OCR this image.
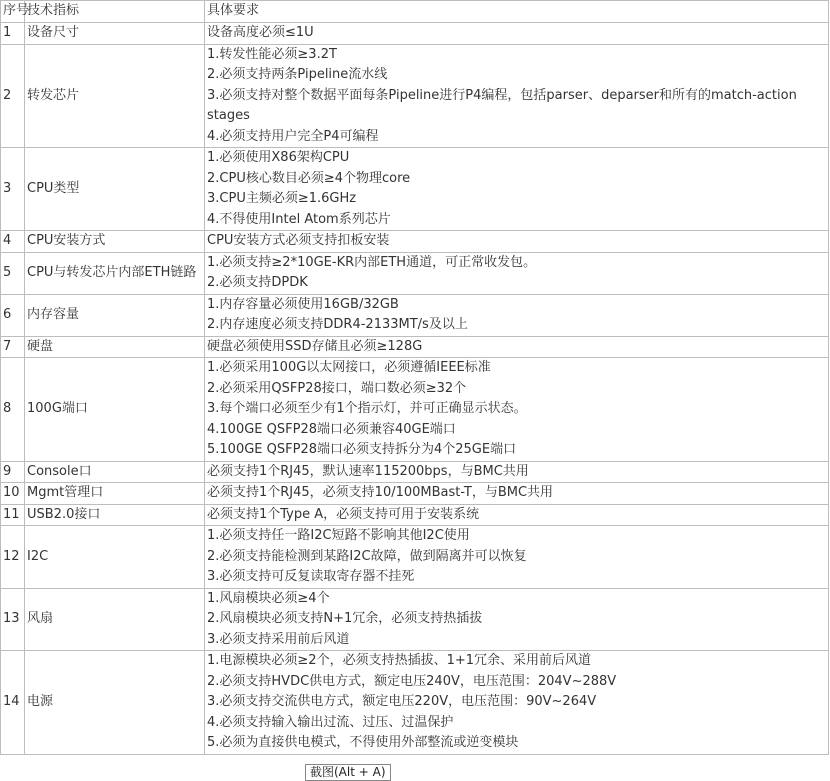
序号	技术指标	具体要求
1	设备尺寸	设备高度必须≤1U

2	转发芯片	1.转发性能必须≥3.2T
2.必须支持两条Pipeline流水线
3.必须支持对整个数据平面每条Pipeline进行P4编程，包括parser、deparser和所有的match-action stages
4.必须支持用户完全P4可编程

3	CPU类型	1.必须使用X86架构CPU
2.CPU核心数目必须≥4个物理core
3.CPU主频必须≥1.6GHz
4.不得使用Intel Atom系列芯片

4	CPU安装方式	CPU安装方式必须支持扣板安装

5	CPU与转发芯片内部ETH链路	1.必须支持≥2*10GE-KR内部ETH通道，可正常收发包。
2.必须支持DPDK

6	内存容量	1.内存容量必须使用16GB/32GB
2.内存速度必须支持DDR4-2133MT/s及以上

7	硬盘	硬盘必须使用SSD存储且必须≥128G

8	100G端口	1.必须采用100G以太网接口，必须遵循IEEE标准
2.必须采用QSFP28接口，端口数必须≥32个
3.每个端口必须至少有1个指示灯，并可正确显示状态。
4.100GE QSFP28端口必须兼容40GE端口
5.100GE QSFP28端口必须支持拆分为4个25GE端口

9	Console口	必须支持1个RJ45，默认速率115200bps，与BMC共用

10	Mgmt管理口	必须支持1个RJ45，必须支持10/100MBast-T，与BMC共用

11	USB2.0接口	必须支持1个Type A，必须支持可用于安装系统

12	I2C	1.必须支持任一路I2C短路不影响其他I2C使用
2.必须支持能检测到某路I2C故障，做到隔离并可以恢复
3.必须支持可反复读取寄存器不挂死

13	风扇	1.风扇模块必须≥4个
2.风扇模块必须支持N+1冗余，必须支持热插拔
3.必须支持采用前后风道

14	电源	1.电源模块必须≥2个，必须支持热插拔、1+1冗余、采用前后风道
2.必须支持HVDC供电方式，额定电压240V，电压范围：204V~288V
3.必须支持交流供电方式，额定电压220V，电压范围：90V~264V
4.必须支持输入输出过流、过压、过温保护
5.必须为直接供电模式，不得使用外部整流或逆变模块
截图(Alt + A)
